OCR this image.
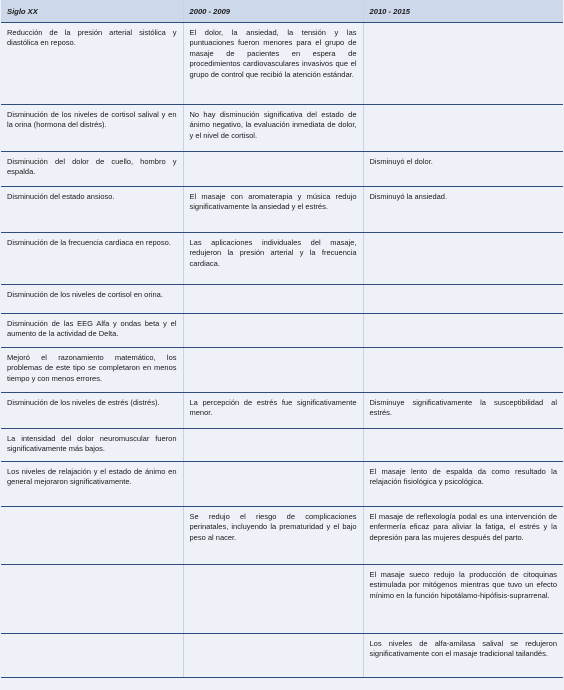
Siglo XX	2000 - 2009	2010 - 2015
Reducción de la presión arterial sistólica y diastólica en reposo.	El dolor, la ansiedad, la tensión y las puntuaciones fueron menores para el grupo de masaje de pacientes en espera de procedimientos cardiovasculares invasivos que el grupo de control que recibió la atención estándar.	
Disminución de los niveles de cortisol salival y en la orina (hormona del distrés).	No hay disminución significativa del estado de ánimo negativo, la evaluación inmediata de dolor, y el nivel de cortisol.	
Disminución del dolor de cuello, hombro y espalda.		Disminuyó el dolor.
Disminución del estado ansioso.	El masaje con aromaterapia y música redujo significativamente la ansiedad y el estrés.	Disminuyó la ansiedad.
Disminución de la frecuencia cardiaca en reposo.	Las aplicaciones individuales del masaje, redujeron la presión arterial y la frecuencia cardiaca.	
Disminución de los niveles de cortisol en orina.		
Disminución de las EEG Alfa y ondas beta y el aumento de la actividad de Delta.		
Mejoró el razonamiento matemático, los problemas de este tipo se completaron en menos tiempo y con menos errores.		
Disminución de los niveles de estrés (distrés).	La percepción de estrés fue significativamente menor.	Disminuye significativamente la susceptibilidad al estrés.
La intensidad del dolor neuromuscular fueron significativamente más bajos.		
Los niveles de relajación y el estado de ánimo en general mejoraron significativamente.		El masaje lento de espalda da como resultado la relajación fisiológica y psicológica.
	Se redujo el riesgo de complicaciones perinatales, incluyendo la prematuridad y el bajo peso al nacer.	El masaje de reflexología podal es una intervención de enfermería eficaz para aliviar la fatiga, el estrés y la depresión para las mujeres después del parto.
		El masaje sueco redujo la producción de citoquinas estimulada por mitógenos mientras que tuvo un efecto mínimo en la función hipotálamo-hipófisis-suprarrenal.
		Los niveles de alfa-amilasa salival se redujeron significativamente con el masaje tradicional tailandés.
